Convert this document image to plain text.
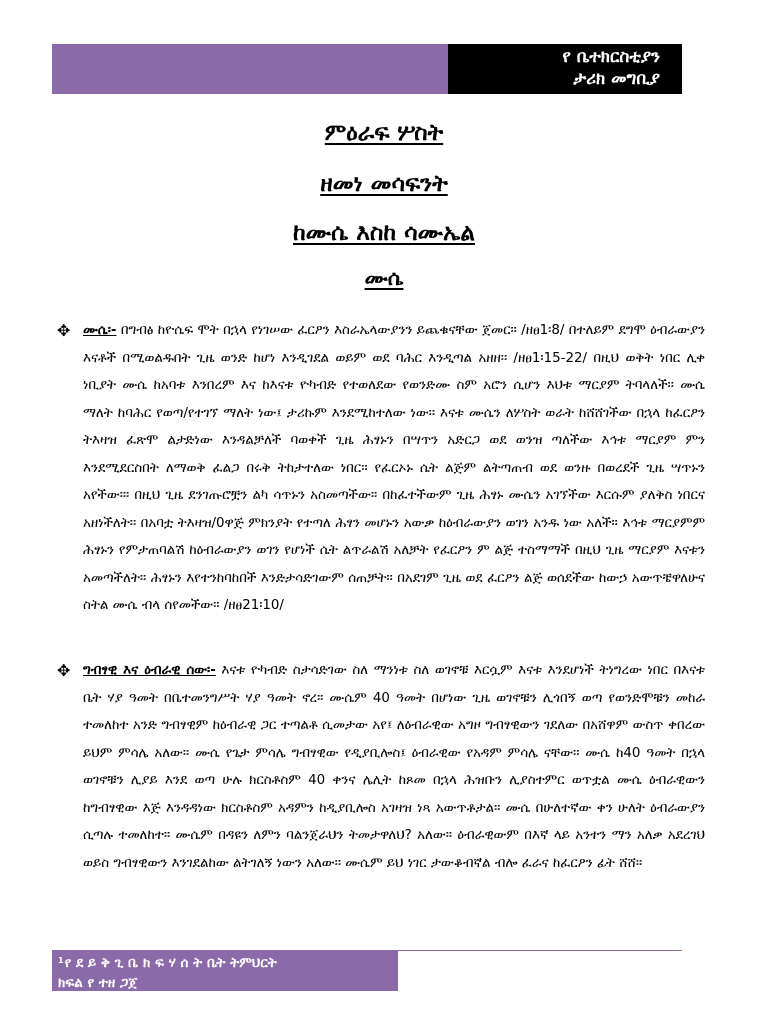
የ ቤተክርስቲያን
ታሪክ መግቢያ
ምዕራፍ ሦስት
ዘመነ መሳፍንት
ከሙሴ እስከ ሳሙኤል
ሙሴ
✥ ሙሴ፡- በግብፅ ከዮሴፍ ሞት በኋላ የነገሠው ፈርዖን እስራኤላውያንን ይጨቁናቸው ጀመር፡፡ /ዘፀ1፡8/ በተለይም ደግሞ ዕብራውያን እናቶች በሚወልዱበት ጊዜ ወንድ ከሆነ እንዲገደል ወይም ወደ ባሕር እንዲጣል አዘዘ፡፡ /ዘፀ1፡15-22/ በዚህ ወቅት ነበር ሊቀ ነቢያት ሙሴ ከአባቱ እንበረም እና ከእናቱ ዮካብድ የተወለደው የወንድሙ ስም አሮን ሲሆን እህቱ ማርያም ትባላለች፡፡ ሙሴ ማለት ከባሕር የወጣ/የተገኘ ማለት ነው፤ ታሪኩም እንደሚከተለው ነው፡፡ እናቱ ሙሴን ለሦስት ወራት ከሸሸገችው በኋላ ከፈርዖን ትእዛዝ ፈጽሞ ልታድነው እንዳልቻለች ባወቀች ጊዜ ሕፃኑን በሣጥን አድርጋ ወደ ወንዝ ጣለችው እኅቱ ማርያም ምን እንደሚደርስበት ለማወቅ ፈልጋ በሩቅ ትከታተለው ነበር፡፡ የፈርኦኑ ሴት ልጅም ልትጣጠብ ወደ ወንዙ በወረደች ጊዜ ሣጥኑን አየችው፡፡፡ በዚህ ጊዜ ደንገጡሮቿን ልካ ሳጥኑን አስመጣችው፡፡ በከፈተችውም ጊዜ ሕፃኑ ሙሴን አገኘችው እርሱም ያለቅስ ነበርና አዘነችለት፡፡ በአባቷ ትእዛዝ/0ዋጅ ምክንያት የተጣለ ሕፃን መሆኑን አውቃ ከዕብራውያን ወገን አንዱ ነው አለች፡፡ እኅቱ ማርያምም ሕፃኑን የምታጠባልሽ ከዕብራውያን ወገን የሆነች ሴት ልጥራልሽ አለቻት የፈርዖን ም ልጅ ተስማማች በዚህ ጊዜ ማርያም እናቱን አመጣችለት፡፡ ሕፃኑን እየተንከባከበች እንድታሳድገውም ሰጠቻት፡፡ በአደገም ጊዜ ወደ ፈርዖን ልጅ ወሰደችው ከውኃ አውጥቼዋለሁና ስትል ሙሴ ብላ ሰየመችው፡፡ /ዘፀ21፡10/

✥ ግብፃዊ እና ዕብራዊ ሰው፡- እናቱ ዮካብድ ስታሳድገው ስለ ማንነቱ ስለ ወገኖቹ እርሷም እናቱ እንደሆነች ትነግረው ነበር በእናቱ ቤት ሃያ ዓመት በቤተመንግሥት ሃያ ዓመት ኖረ፡፡ ሙሴም 40 ዓመት በሆነው ጊዜ ወገኖቹን ሊጎበኝ ወጣ የወንድሞቹን መከራ ተመለከተ አንድ ግብፃዊም ከዕብራዊ ጋር ተጣልቶ ሲመታው አየ፤ ለዕብራዊው አግዞ ግብፃዊውን ገደለው በአሸዋም ውስጥ ቀበረው ይህም ምሳሌ አለው፡፡ ሙሴ የጌታ ምሳሌ ግብፃዊው የዲያቢሎስ፤ ዕብራዊው የአዳም ምሳሌ ናቸው፡፡ ሙሴ ከ40 ዓመት በኋላ ወገኖቹን ሊያይ እንደ ወጣ ሁሉ ክርስቶስም 40 ቀንና ሌሊት ከጾመ በኋላ ሕዝቡን ሊያስተምር ወጥቷል ሙሴ ዕብራዊውን ከግብፃዊው እጅ እንዳዳነው ክርስቶስም አዳምን ከዲያቢሎስ አገዛዝ ነጻ አውጥቶታል፡፡ ሙሴ በሁለተኛው ቀን ሁለት ዕብራውያን ሲጣሉ ተመለከተ፡፡ ሙሴም በዳዩን ለምን ባልንጀራህን ትመታዋለህ? አለው፡፡ ዕብራዊውም በእኛ ላይ አንተን ማን አለቃ አደረገህ ወይስ ግብፃዊውን እንገደልከው ልትገለኝ ነውን አለው፡፡ ሙሴም ይህ ነገር ታውቆብኛል ብሎ ፈራና ከፈርዖን ፊት ሸሸ፡፡

$^1$የ ደ ይ ቅ ጊ ቤ ክ ፍ ሃ ሰ ት ቤት ትምህርት
ክፍል የ ተዘ ጋጀ
